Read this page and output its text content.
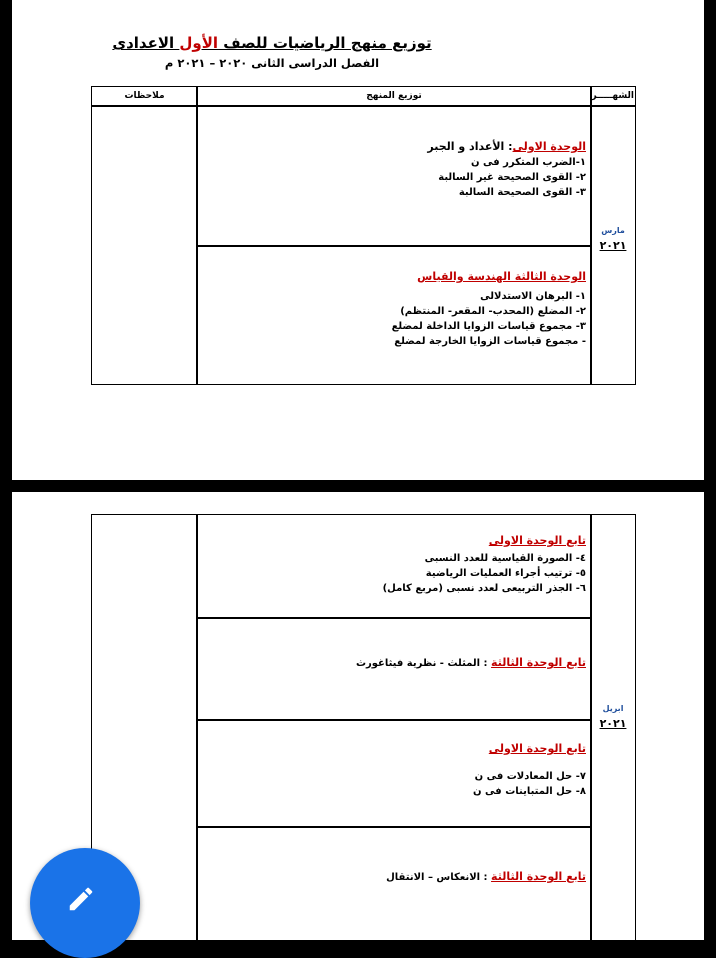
توزيع منهج الرياضيات للصف الأول الاعدادى
الفصل الدراسى الثانى ٢٠٢٠ – ٢٠٢١ م
الشهـــــر
توزيع المنهج
ملاحظات
مارس
٢٠٢١
الوحدة الاولى: الأعداد و الجبر
١-الضرب المتكرر فى ن
٢- القوى الصحيحة غير السالبة
٣- القوى الصحيحة السالبة
الوحدة الثالثة الهندسة والقياس
١- البرهان الاستدلالى
٢- المضلع (المحدب- المقعر- المنتظم)
٣- مجموع قياسات الزوايا الداخلة لمضلع
- مجموع قياسات الزوايا الخارجة لمضلع
ابريل
٢٠٢١
تابع الوحدة الاولى
٤- الصورة القياسية للعدد النسبى
٥- ترتيب أجراء العمليات الرياضية
٦- الجذر التربيعى لعدد نسبى (مربع كامل)
تابع الوحدة الثالثة : المثلث - نظرية فيثاغورث
تابع الوحدة الاولى
٧- حل المعادلات فى ن
٨- حل المتباينات فى ن
تابع الوحدة الثالثة : الانعكاس – الانتقال
